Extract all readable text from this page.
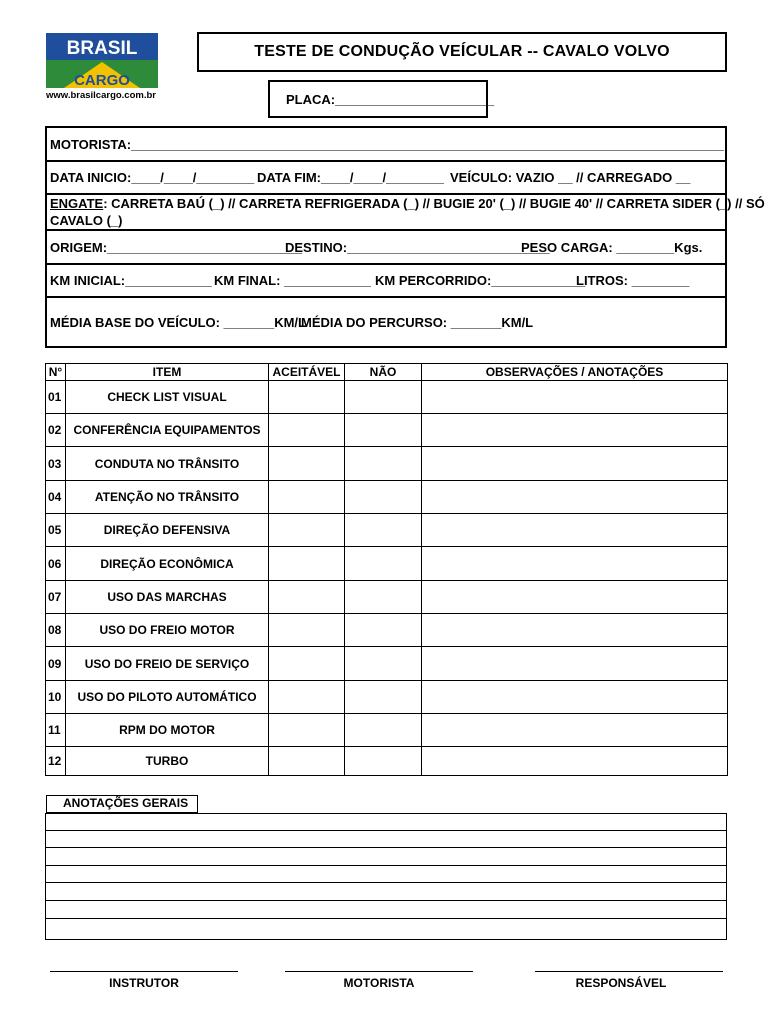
BRASIL
CARGO
www.brasilcargo.com.br
TESTE DE CONDUÇÃO VEÍCULAR -- CAVALO VOLVO
PLACA:______________________
MOTORISTA:__________________________________________________________________________________
DATA INICIO:____/____/________ DATA FIM:____/____/________ VEÍCULO: VAZIO __ // CARREGADO __
ENGATE: CARRETA BAÚ (_) // CARRETA REFRIGERADA (_) // BUGIE 20' (_) // BUGIE 40' // CARRETA SIDER (_) // SÓ
CAVALO (_)
ORIGEM:___________________________
DESTINO:____________________________
PESO CARGA: ________Kgs.
KM INICIAL:____________ KM FINAL: ____________ KM PERCORRIDO:_____________
LITROS: ________
MÉDIA BASE DO VEÍCULO: _______KM/L
MÉDIA DO PERCURSO: _______KM/L
N°	ITEM	ACEITÁVEL	NÃO	OBSERVAÇÕES / ANOTAÇÕES
01	CHECK LIST VISUAL			
02	CONFERÊNCIA EQUIPAMENTOS			
03	CONDUTA NO TRÂNSITO			
04	ATENÇÃO NO TRÂNSITO			
05	DIREÇÃO DEFENSIVA			
06	DIREÇÃO ECONÔMICA			
07	USO DAS MARCHAS			
08	USO DO FREIO MOTOR			
09	USO DO FREIO DE SERVIÇO			
10	USO DO PILOTO AUTOMÁTICO			
11	RPM DO MOTOR			
12	TURBO			
ANOTAÇÕES GERAIS
INSTRUTOR	MOTORISTA	RESPONSÁVEL
